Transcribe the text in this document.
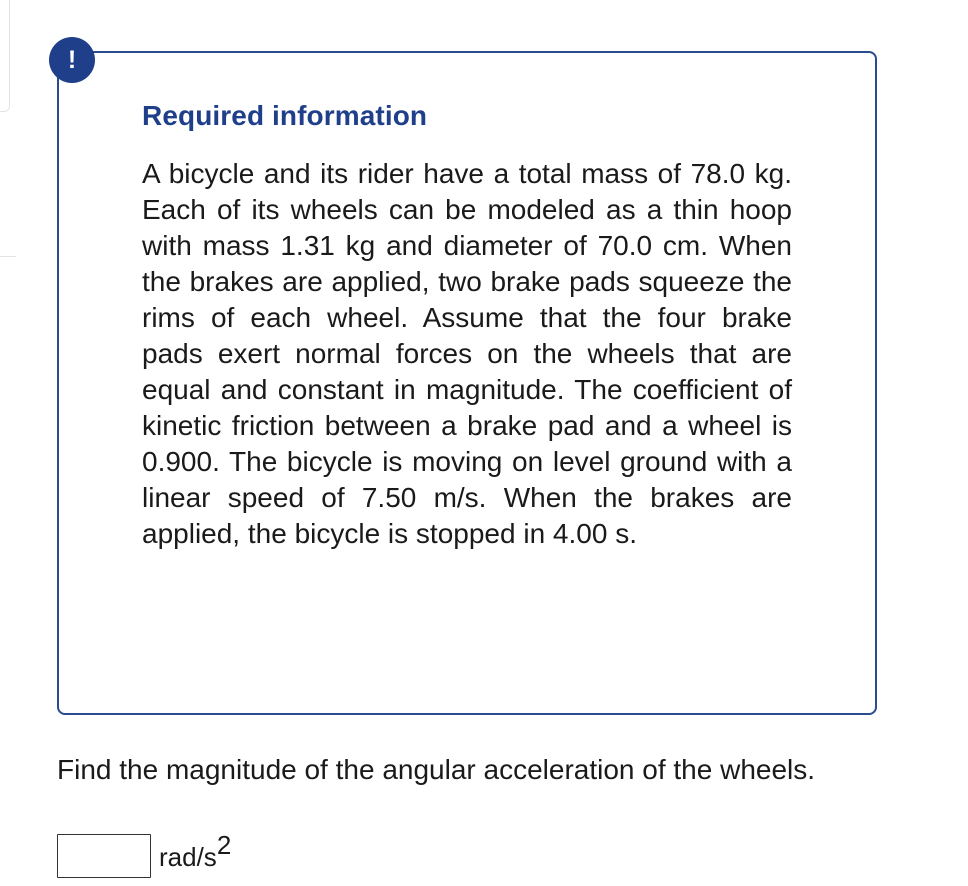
!
Required information

A bicycle and its rider have a total mass of 78.0 kg. Each of its wheels can be modeled as a thin hoop with mass 1.31 kg and diameter of 70.0 cm. When the brakes are applied, two brake pads squeeze the rims of each wheel. Assume that the four brake pads exert normal forces on the wheels that are equal and constant in magnitude. The coefficient of kinetic friction between a brake pad and a wheel is 0.900. The bicycle is moving on level ground with a linear speed of 7.50 m/s. When the brakes are applied, the bicycle is stopped in 4.00 s.

Find the magnitude of the angular acceleration of the wheels.

rad/$s^2$
